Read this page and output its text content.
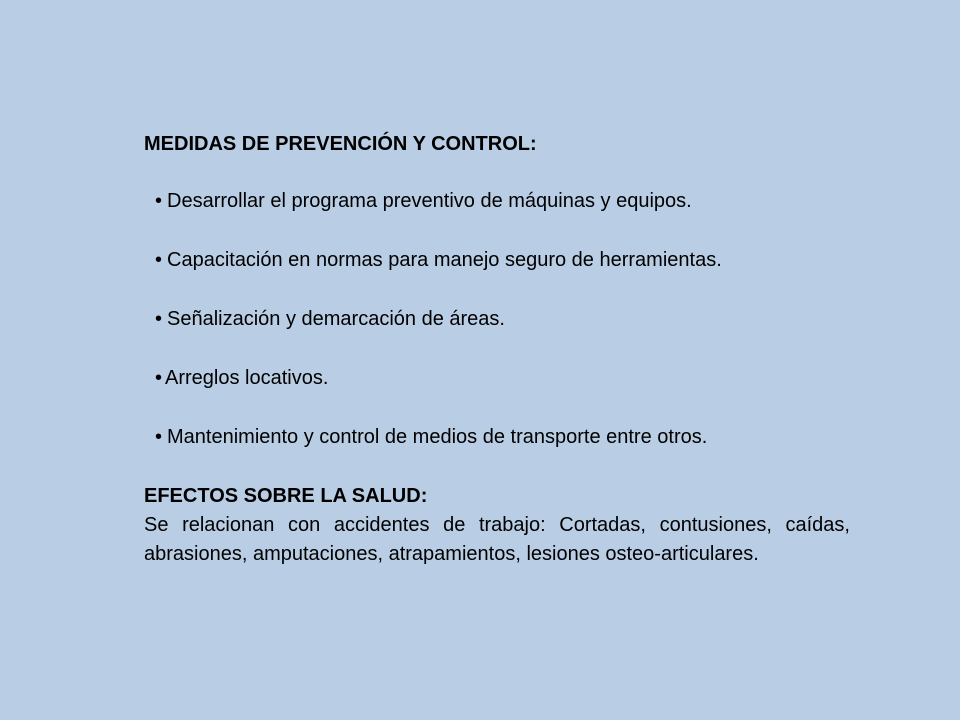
MEDIDAS DE PREVENCIÓN Y CONTROL:

• Desarrollar el programa preventivo de máquinas y equipos.
• Capacitación en normas para manejo seguro de herramientas.
• Señalización y demarcación de áreas.
• Arreglos locativos.
• Mantenimiento y control de medios de transporte entre otros.

EFECTOS SOBRE LA SALUD:

Se relacionan con accidentes de trabajo: Cortadas, contusiones, caídas, abrasiones, amputaciones, atrapamientos, lesiones osteo-articulares.
